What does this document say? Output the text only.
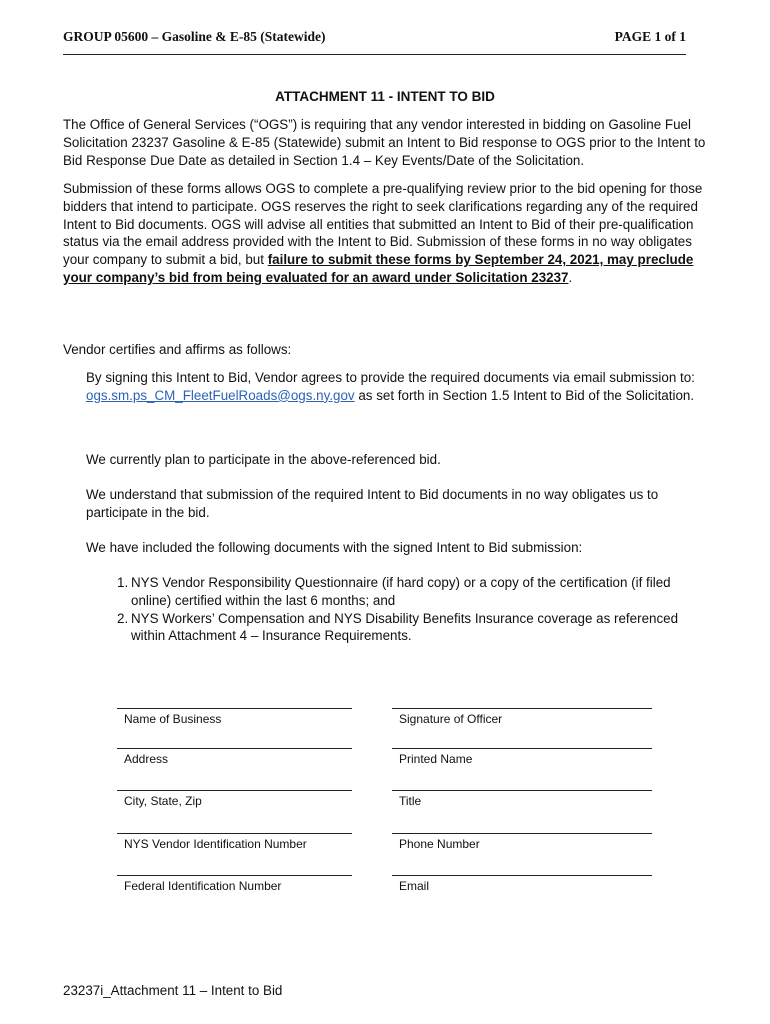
GROUP 05600 – Gasoline & E-85 (Statewide)	PAGE 1 of 1
ATTACHMENT 11 - INTENT TO BID

The Office of General Services (“OGS”) is requiring that any vendor interested in bidding on Gasoline Fuel Solicitation 23237 Gasoline & E-85 (Statewide) submit an Intent to Bid response to OGS prior to the Intent to Bid Response Due Date as detailed in Section 1.4 – Key Events/Date of the Solicitation.

Submission of these forms allows OGS to complete a pre-qualifying review prior to the bid opening for those bidders that intend to participate. OGS reserves the right to seek clarifications regarding any of the required Intent to Bid documents. OGS will advise all entities that submitted an Intent to Bid of their pre-qualification status via the email address provided with the Intent to Bid. Submission of these forms in no way obligates your company to submit a bid, but failure to submit these forms by September 24, 2021, may preclude your company’s bid from being evaluated for an award under Solicitation 23237.

Vendor certifies and affirms as follows:

By signing this Intent to Bid, Vendor agrees to provide the required documents via email submission to: ogs.sm.ps_CM_FleetFuelRoads@ogs.ny.gov as set forth in Section 1.5 Intent to Bid of the Solicitation.

We currently plan to participate in the above-referenced bid.

We understand that submission of the required Intent to Bid documents in no way obligates us to participate in the bid.

We have included the following documents with the signed Intent to Bid submission:

1. NYS Vendor Responsibility Questionnaire (if hard copy) or a copy of the certification (if filed online) certified within the last 6 months; and
2. NYS Workers’ Compensation and NYS Disability Benefits Insurance coverage as referenced within Attachment 4 – Insurance Requirements.
Name of Business	Signature of Officer
Address	Printed Name
City, State, Zip	Title
NYS Vendor Identification Number	Phone Number
Federal Identification Number	Email
23237i_Attachment 11 – Intent to Bid
